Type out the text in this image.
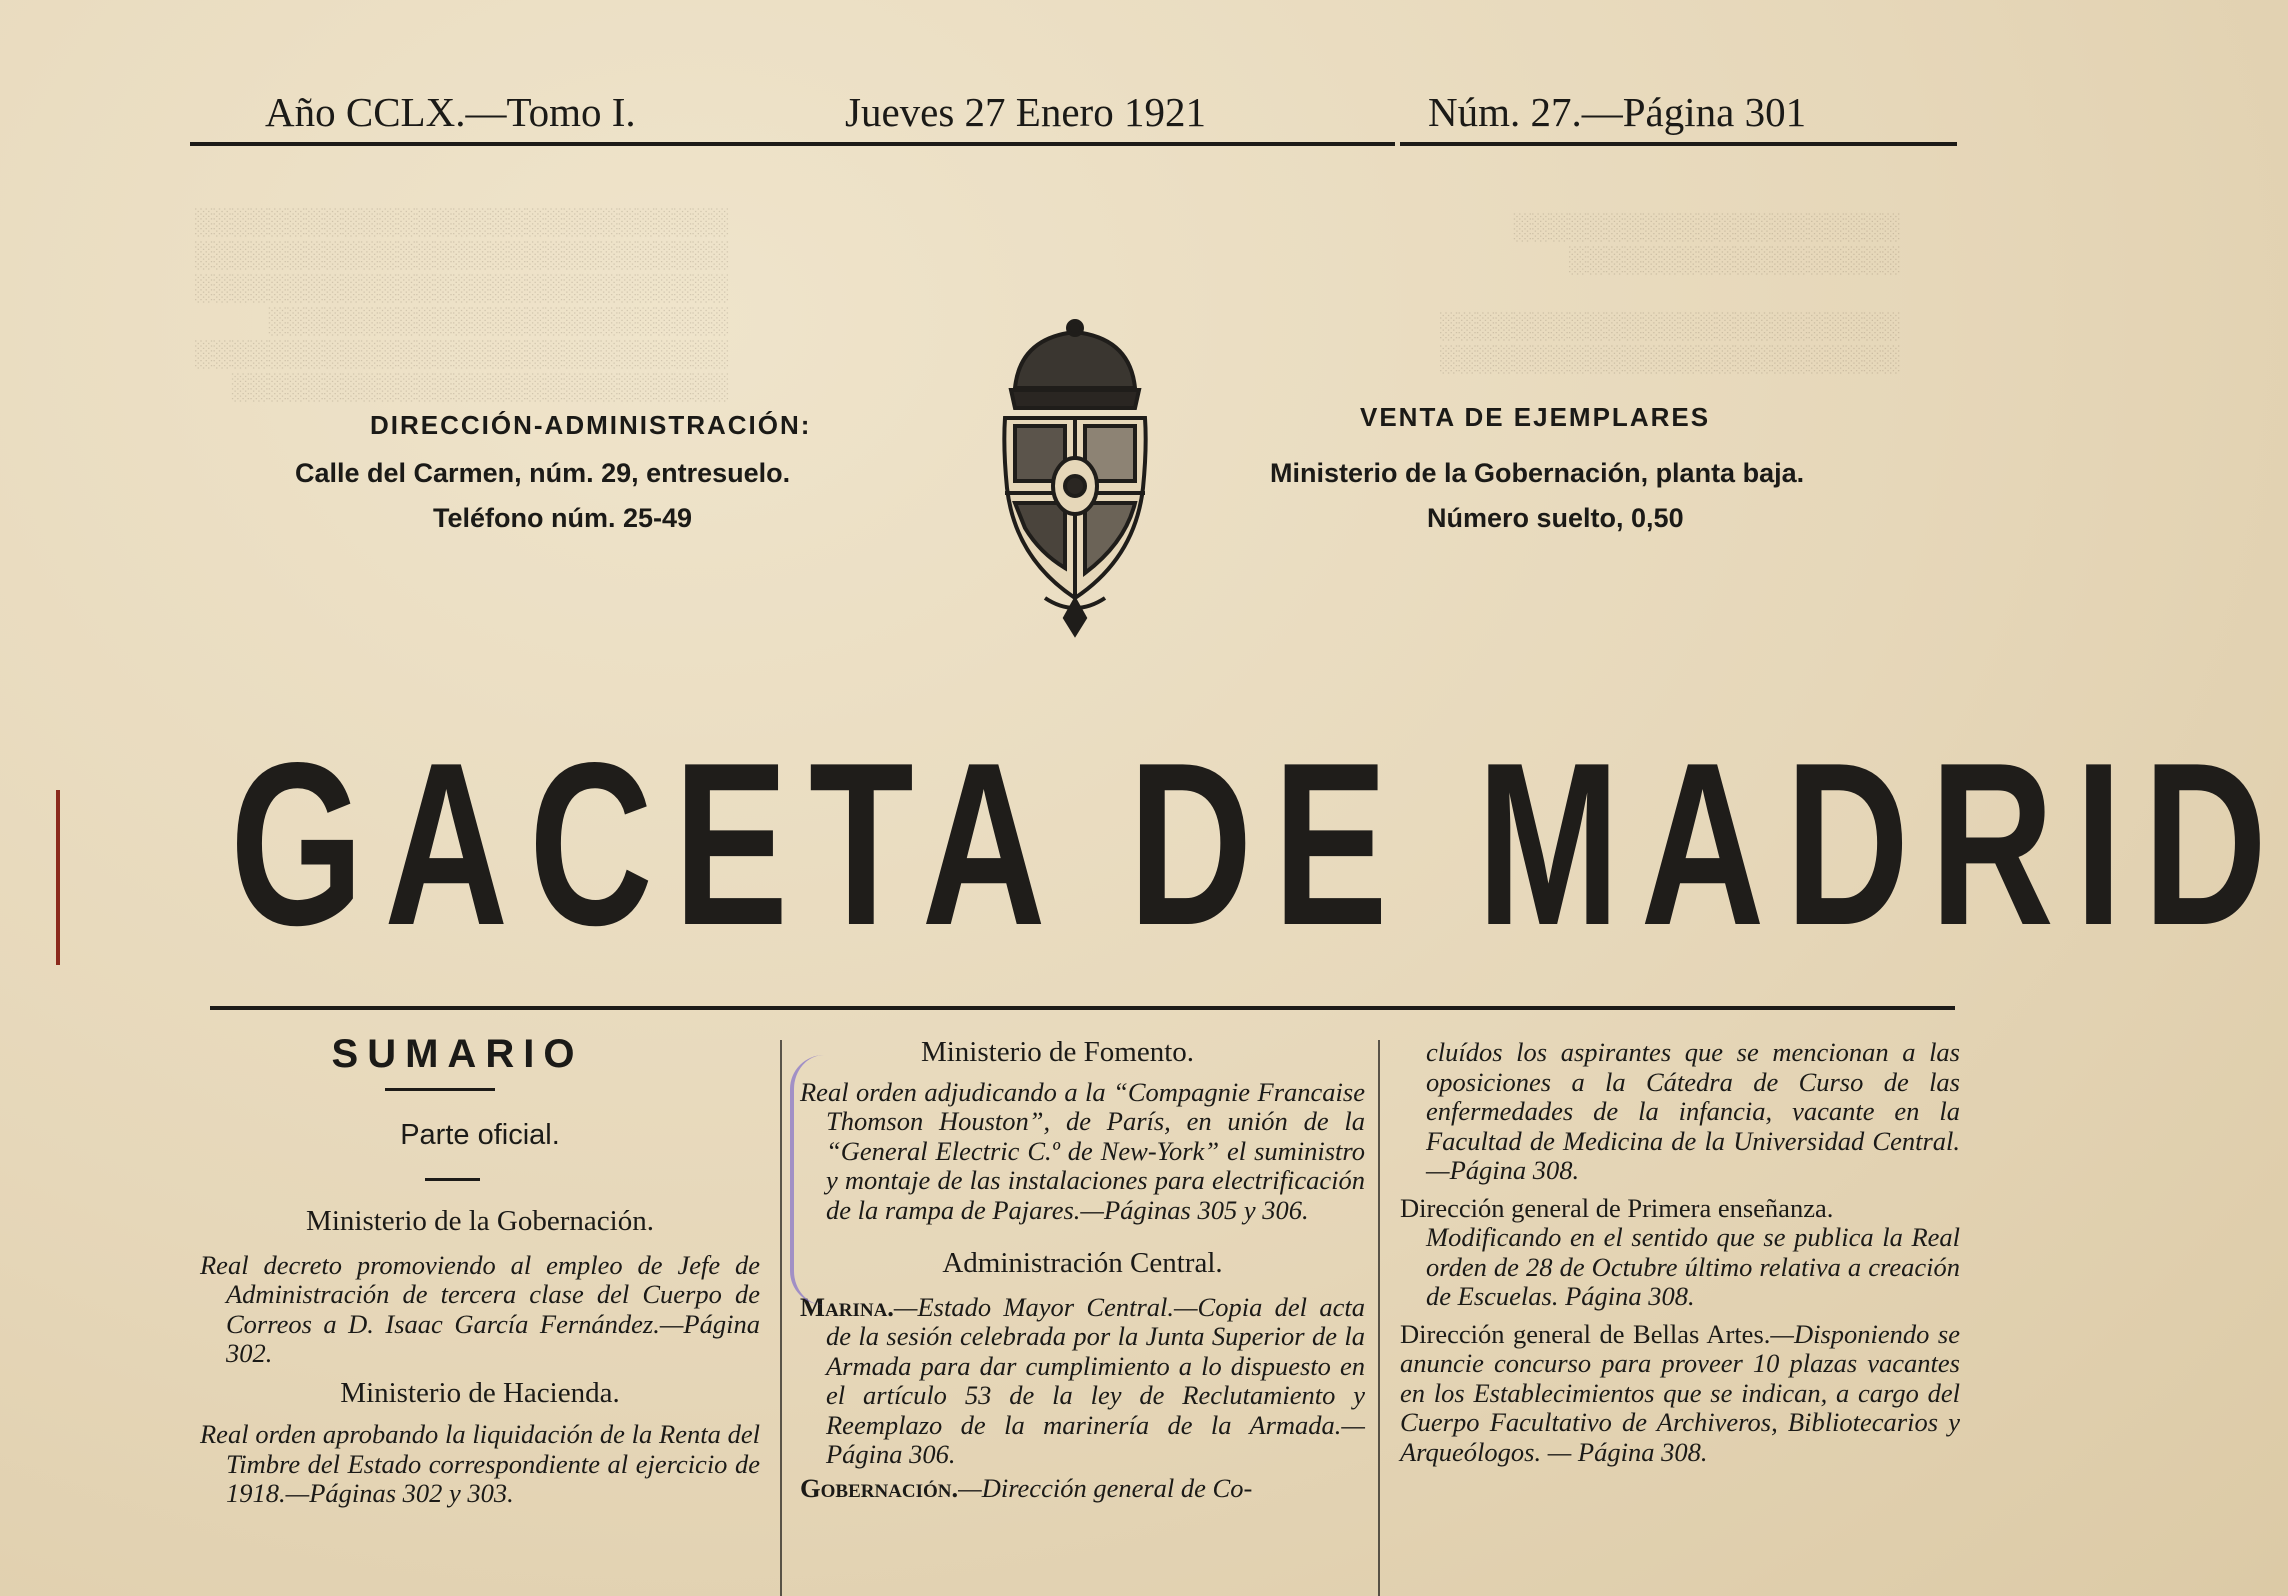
░░░░░░░░░░░░░░░░░░░░░░░░░░░░░
░░░░░░░░░░░░░░░░░░░░░░░░░░░░░
░░░░░░░░░░░░░░░░░░░░░░░░░░░░░
░░░░░░░░░░░░░░░░░░░░░░░░░
░░░░░░░░░░░░░░░░░░░░░░░░░░░░░
░░░░░░░░░░░░░░░░░░░░░░░░░░░
░░░░░░░░░░░░░░░░░░░░░
░░░░░░░░░░░░░░░░░░

░░░░░░░░░░░░░░░░░░░░░░░░░
░░░░░░░░░░░░░░░░░░░░░░░░░
Año CCLX.—Tomo I.	Jueves 27 Enero 1921	Núm. 27.—Página 301
DIRECCIÓN-ADMINISTRACIÓN:
Calle del Carmen, núm. 29, entresuelo.
Teléfono núm. 25-49
VENTA DE EJEMPLARES
Ministerio de la Gobernación, planta baja.
Número suelto, 0,50
GACETA DE MADRID
SUMARIO
Parte oficial.
Ministerio de la Gobernación.

Real decreto promoviendo al empleo de Jefe de Administración de tercera clase del Cuerpo de Correos a D. Isaac García Fernández.—Página 302.

Ministerio de Hacienda.

Real orden aprobando la liquidación de la Renta del Timbre del Estado correspondiente al ejercicio de 1918.—Páginas 302 y 303.

Ministerio de Fomento.

Real orden adjudicando a la “Compagnie Francaise Thomson Houston”, de París, en unión de la “General Electric C.º de New-York” el suministro y montaje de las instalaciones para electrificación de la rampa de Pajares.—Páginas 305 y 306.

Administración Central.

Marina.—Estado Mayor Central.—Copia del acta de la sesión celebrada por la Junta Superior de la Armada para dar cumplimiento a lo dispuesto en el artículo 53 de la ley de Reclutamiento y Reemplazo de la marinería de la Armada.—Página 306.

Gobernación.—Dirección general de Co-

cluídos los aspirantes que se mencionan a las oposiciones a la Cátedra de Curso de las enfermedades de la infancia, vacante en la Facultad de Medicina de la Universidad Central.—Página 308.

Dirección general de Primera enseñanza.

Modificando en el sentido que se publica la Real orden de 28 de Octubre último relativa a creación de Escuelas. Página 308.

Dirección general de Bellas Artes.—Disponiendo se anuncie concurso para proveer 10 plazas vacantes en los Establecimientos que se indican, a cargo del Cuerpo Facultativo de Archiveros, Bibliotecarios y Arqueólogos. — Página 308.
